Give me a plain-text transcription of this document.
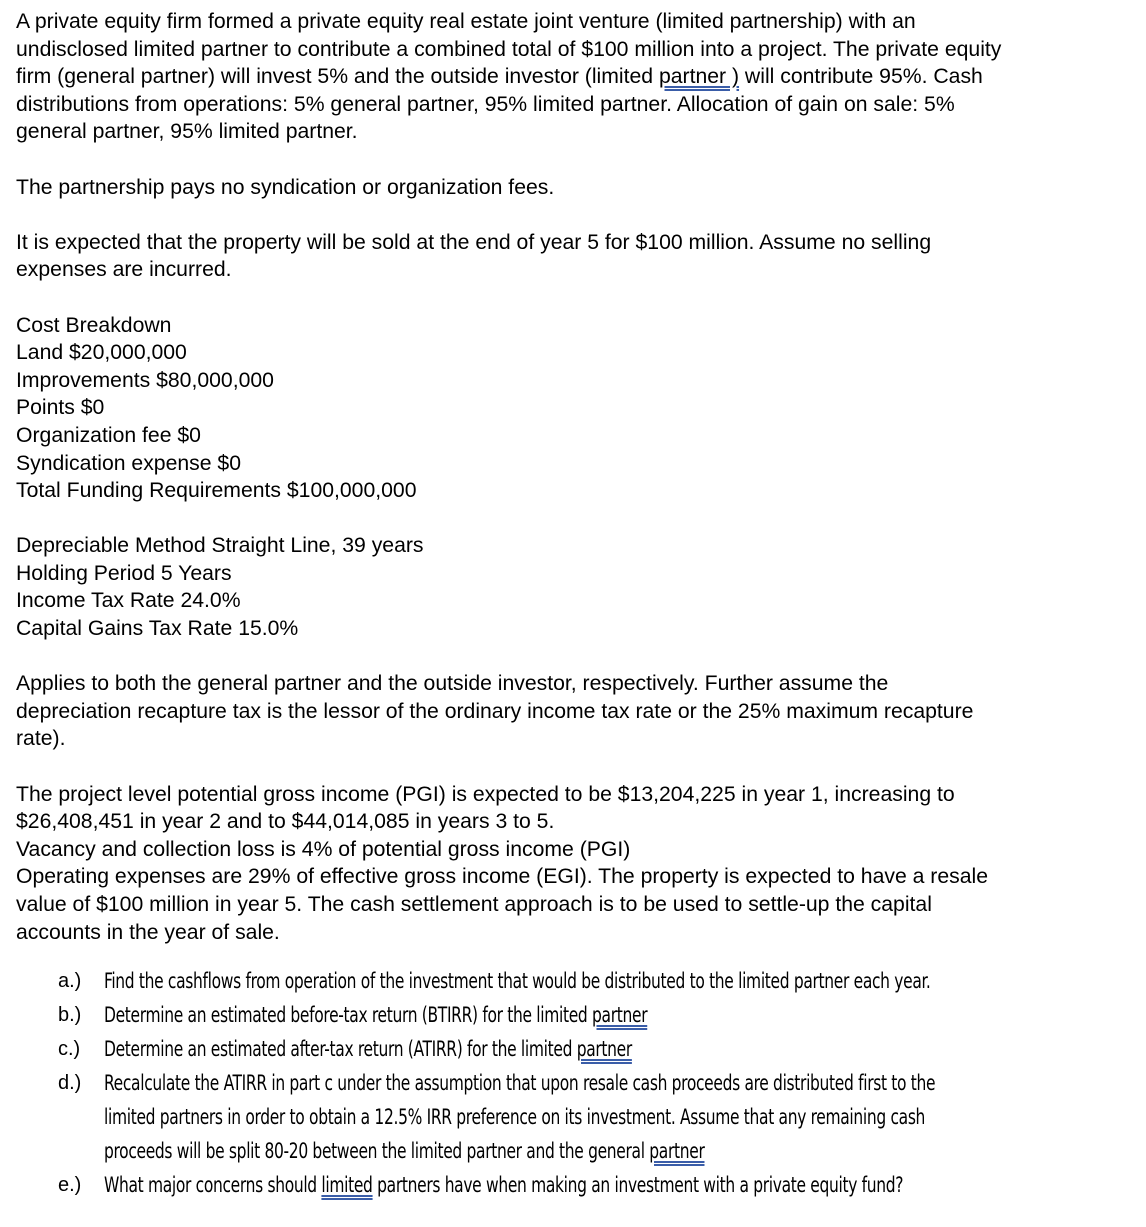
A private equity firm formed a private equity real estate joint venture (limited partnership) with an
undisclosed limited partner to contribute a combined total of $100 million into a project. The private equity
firm (general partner) will invest 5% and the outside investor (limited partner ) will contribute 95%. Cash
distributions from operations: 5% general partner, 95% limited partner. Allocation of gain on sale: 5%
general partner, 95% limited partner.

The partnership pays no syndication or organization fees.

It is expected that the property will be sold at the end of year 5 for $100 million. Assume no selling
expenses are incurred.

Cost Breakdown
Land $20,000,000
Improvements $80,000,000
Points $0
Organization fee $0
Syndication expense $0
Total Funding Requirements $100,000,000

Depreciable Method Straight Line, 39 years
Holding Period 5 Years
Income Tax Rate 24.0%
Capital Gains Tax Rate 15.0%

Applies to both the general partner and the outside investor, respectively. Further assume the
depreciation recapture tax is the lessor of the ordinary income tax rate or the 25% maximum recapture
rate).

The project level potential gross income (PGI) is expected to be $13,204,225 in year 1, increasing to
$26,408,451 in year 2 and to $44,014,085 in years 3 to 5.
Vacancy and collection loss is 4% of potential gross income (PGI)
Operating expenses are 29% of effective gross income (EGI). The property is expected to have a resale
value of $100 million in year 5. The cash settlement approach is to be used to settle-up the capital
accounts in the year of sale.

a.) Find the cashflows from operation of the investment that would be distributed to the limited partner each year.
b.) Determine an estimated before-tax return (BTIRR) for the limited partner
c.) Determine an estimated after-tax return (ATIRR) for the limited partner
d.) Recalculate the ATIRR in part c under the assumption that upon resale cash proceeds are distributed first to the
limited partners in order to obtain a 12.5% IRR preference on its investment. Assume that any remaining cash
proceeds will be split 80-20 between the limited partner and the general partner
e.) What major concerns should limited partners have when making an investment with a private equity fund?
